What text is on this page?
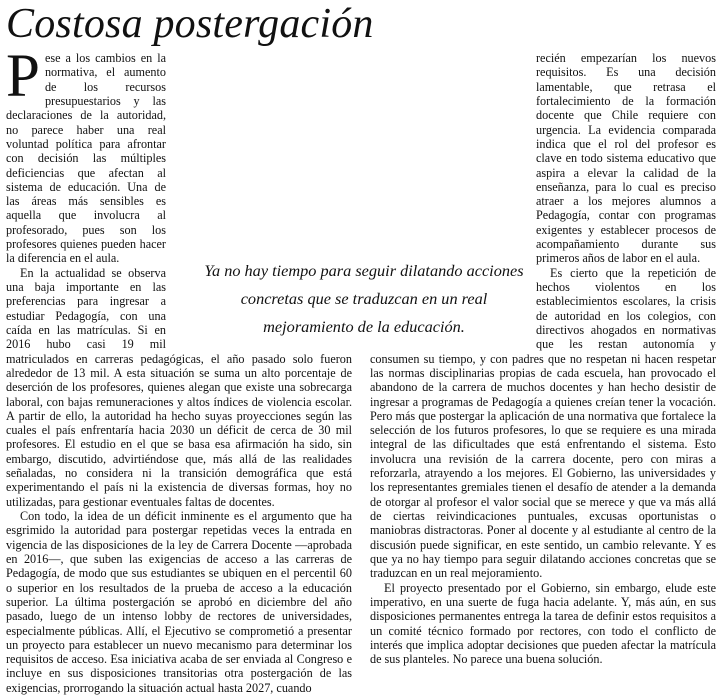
Costosa postergación

Pese a los cambios en la normativa, el aumento de los recursos presupuestarios y las declaraciones de la autoridad, no parece haber una real voluntad política para afrontar con decisión las múltiples deficiencias que afectan al sistema de educación. Una de las áreas más sensibles es aquella que involucra al profesorado, pues son los profesores quienes pueden hacer la diferencia en el aula.

En la actualidad se observa una baja importante en las preferencias para ingresar a estudiar Pedagogía, con una caída en las matrículas. Si en 2016 hubo casi 19 mil matriculados en carreras pedagógicas, el año pasado solo fueron alrededor de 13 mil. A esta situación se suma un alto porcentaje de deserción de los profesores, quienes alegan que existe una sobrecarga laboral, con bajas remuneraciones y altos índices de violencia escolar. A partir de ello, la autoridad ha hecho suyas proyecciones según las cuales el país enfrentaría hacia 2030 un déficit de cerca de 30 mil profesores. El estudio en el que se basa esa afirmación ha sido, sin embargo, discutido, advirtiéndose que, más allá de las realidades señaladas, no considera ni la transición demográfica que está experimentando el país ni la existencia de diversas formas, hoy no utilizadas, para gestionar eventuales faltas de docentes.

Con todo, la idea de un déficit inminente es el argumento que ha esgrimido la autoridad para postergar repetidas veces la entrada en vigencia de las disposiciones de la ley de Carrera Docente —aprobada en 2016—, que suben las exigencias de acceso a las carreras de Pedagogía, de modo que sus estudiantes se ubiquen en el percentil 60 o superior en los resultados de la prueba de acceso a la educación superior. La última postergación se aprobó en diciembre del año pasado, luego de un intenso lobby de rectores de universidades, especialmente públicas. Allí, el Ejecutivo se comprometió a presentar un proyecto para establecer un nuevo mecanismo para determinar los requisitos de acceso. Esa iniciativa acaba de ser enviada al Congreso e incluye en sus disposiciones transitorias otra postergación de las exigencias, prorrogando la situación actual hasta 2027, cuando

recién empezarían los nuevos requisitos. Es una decisión lamentable, que retrasa el fortalecimiento de la formación docente que Chile requiere con urgencia. La evidencia comparada indica que el rol del profesor es clave en todo sistema educativo que aspira a elevar la calidad de la enseñanza, para lo cual es preciso atraer a los mejores alumnos a Pedagogía, contar con programas exigentes y establecer procesos de acompañamiento durante sus primeros años de labor en el aula.

Es cierto que la repetición de hechos violentos en los establecimientos escolares, la crisis de autoridad en los colegios, con directivos ahogados en normativas que les restan autonomía y consumen su tiempo, y con padres que no respetan ni hacen respetar las normas disciplinarias propias de cada escuela, han provocado el abandono de la carrera de muchos docentes y han hecho desistir de ingresar a programas de Pedagogía a quienes creían tener la vocación. Pero más que postergar la aplicación de una normativa que fortalece la selección de los futuros profesores, lo que se requiere es una mirada integral de las dificultades que está enfrentando el sistema. Esto involucra una revisión de la carrera docente, pero con miras a reforzarla, atrayendo a los mejores. El Gobierno, las universidades y los representantes gremiales tienen el desafío de atender a la demanda de otorgar al profesor el valor social que se merece y que va más allá de ciertas reivindicaciones puntuales, excusas oportunistas o maniobras distractoras. Poner al docente y al estudiante al centro de la discusión puede significar, en este sentido, un cambio relevante. Y es que ya no hay tiempo para seguir dilatando acciones concretas que se traduzcan en un real mejoramiento.

El proyecto presentado por el Gobierno, sin embargo, elude este imperativo, en una suerte de fuga hacia adelante. Y, más aún, en sus disposiciones permanentes entrega la tarea de definir estos requisitos a un comité técnico formado por rectores, con todo el conflicto de interés que implica adoptar decisiones que pueden afectar la matrícula de sus planteles. No parece una buena solución.

Ya no hay tiempo para seguir dilatando acciones concretas que se traduzcan en un real mejoramiento de la educación.
